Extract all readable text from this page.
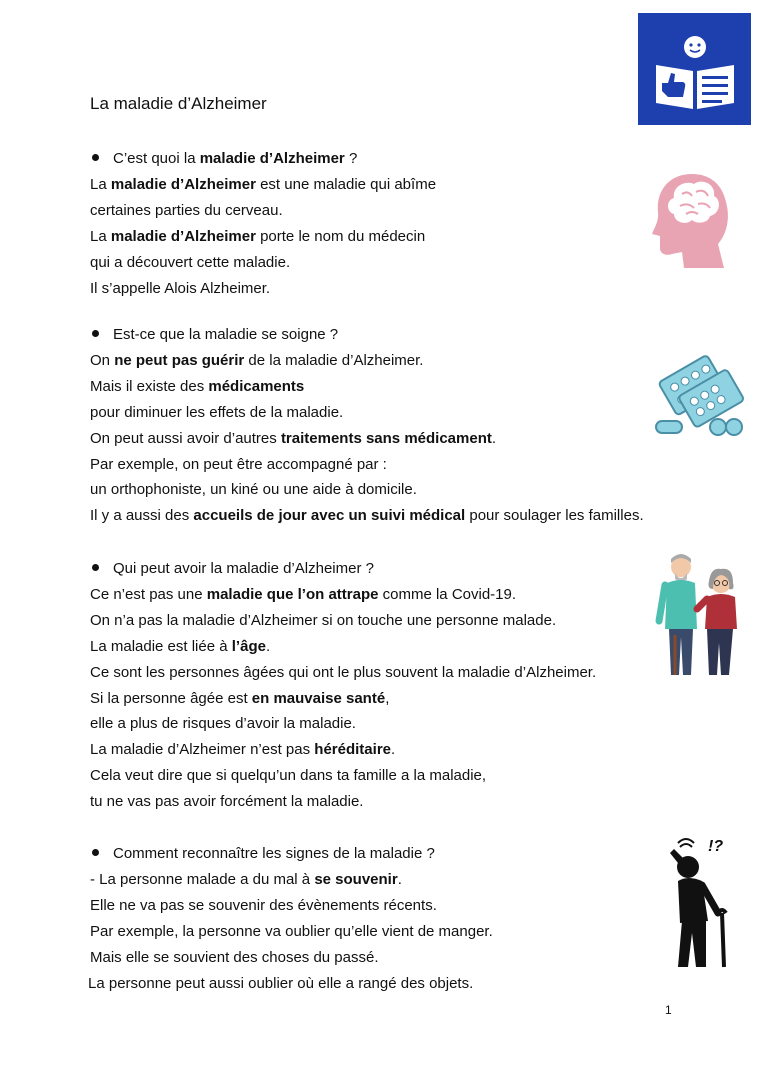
La maladie d’Alzheimer
C’est quoi la maladie d’Alzheimer ?
La maladie d’Alzheimer est une maladie qui abîme
certaines parties du cerveau.
La maladie d’Alzheimer porte le nom du médecin
qui a découvert cette maladie.
Il s’appelle Alois Alzheimer.
Est-ce que la maladie se soigne ?
On ne peut pas guérir de la maladie d’Alzheimer.
Mais il existe des médicaments
pour diminuer les effets de la maladie.
On peut aussi avoir d’autres traitements sans médicament.
Par exemple, on peut être accompagné par :
un orthophoniste, un kiné ou une aide à domicile.
Il y a aussi des accueils de jour avec un suivi médical pour soulager les familles.
Qui peut avoir la maladie d’Alzheimer ?
Ce n’est pas une maladie que l’on attrape comme la Covid-19.
On n’a pas la maladie d’Alzheimer si on touche une personne malade.
La maladie est liée à l’âge.
Ce sont les personnes âgées qui ont le plus souvent la maladie d’Alzheimer.
Si la personne âgée est en mauvaise santé,
elle a plus de risques d’avoir la maladie.
La maladie d’Alzheimer n’est pas héréditaire.
Cela veut dire que si quelqu’un dans ta famille a la maladie,
tu ne vas pas avoir forcément la maladie.
Comment reconnaître les signes de la maladie ?
- La personne malade a du mal à se souvenir.
Elle ne va pas se souvenir des évènements récents.
Par exemple, la personne va oublier qu’elle vient de manger.
Mais elle se souvient des choses du passé.
La personne peut aussi oublier où elle a rangé des objets.
!?
1
